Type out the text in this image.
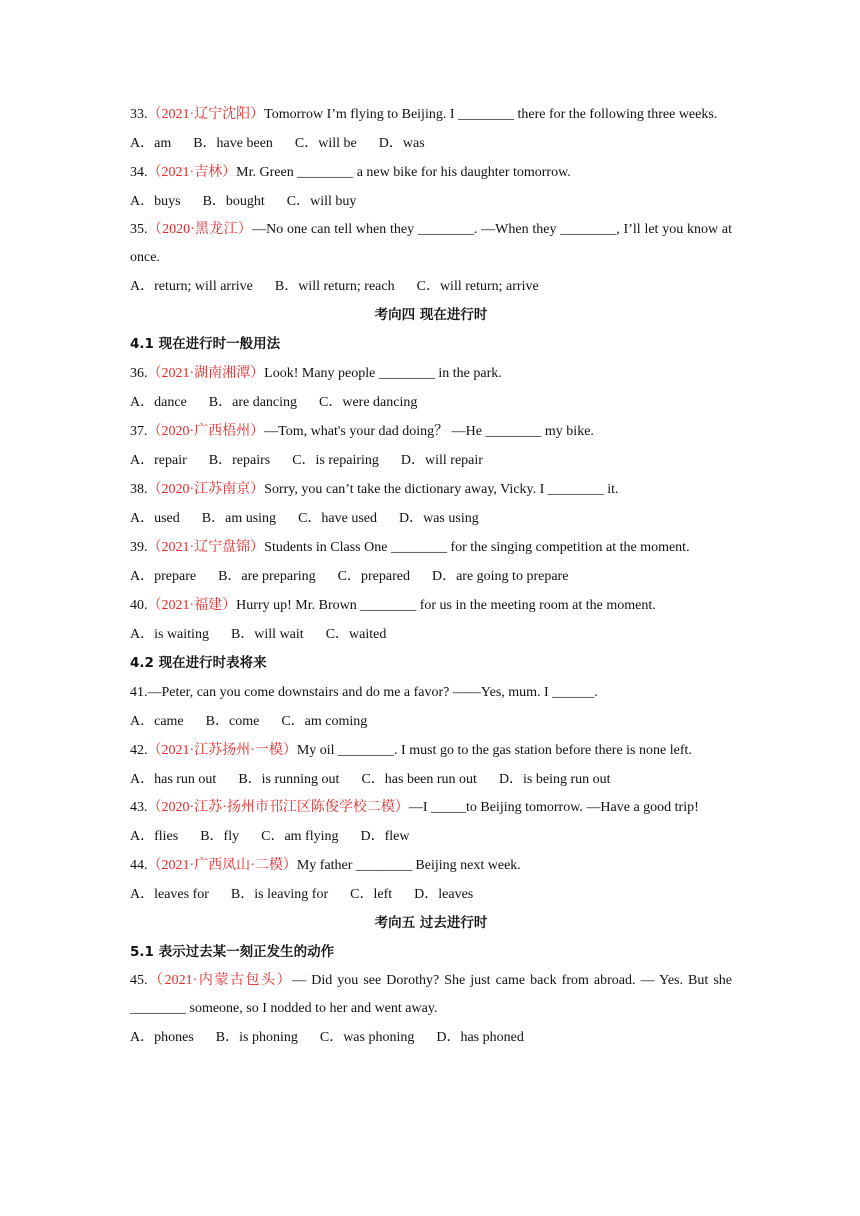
33.（2021·辽宁沈阳）Tomorrow I’m flying to Beijing. I ________ there for the following three weeks.
A．am B．have been C．will be D．was
34.（2021·吉林）Mr. Green ________ a new bike for his daughter tomorrow.
A．buys B．bought C．will buy
35.（2020·黑龙江）—No one can tell when they ________. —When they ________, I’ll let you know at once.
A．return; will arrive B．will return; reach C．will return; arrive
考向四 现在进行时
4.1 现在进行时一般用法
36.（2021·湖南湘潭）Look! Many people ________ in the park.
A．dance B．are dancing C．were dancing
37.（2020·广西梧州）—Tom, what's your dad doing？ —He ________ my bike.
A．repair B．repairs C．is repairing D．will repair
38.（2020·江苏南京）Sorry, you can’t take the dictionary away, Vicky. I ________ it.
A．used B．am using C．have used D．was using
39.（2021·辽宁盘锦）Students in Class One ________ for the singing competition at the moment.
A．prepare B．are preparing C．prepared D．are going to prepare
40.（2021·福建）Hurry up! Mr. Brown ________ for us in the meeting room at the moment.
A．is waiting B．will wait C．waited
4.2 现在进行时表将来
41.—Peter, can you come downstairs and do me a favor? ——Yes, mum. I ______.
A．came B．come C．am coming
42.（2021·江苏扬州·一模）My oil ________. I must go to the gas station before there is none left.
A．has run out B．is running out C．has been run out D．is being run out
43.（2020·江苏·扬州市邗江区陈俊学校二模）—I _____to Beijing tomorrow. —Have a good trip!
A．flies B．fly C．am flying D．flew
44.（2021·广西凤山·二模）My father ________ Beijing next week.
A．leaves for B．is leaving for C．left D．leaves
考向五 过去进行时
5.1 表示过去某一刻正发生的动作
45.（2021·内蒙古包头）— Did you see Dorothy? She just came back from abroad. — Yes. But she ________ someone, so I nodded to her and went away.
A．phones B．is phoning C．was phoning D．has phoned
